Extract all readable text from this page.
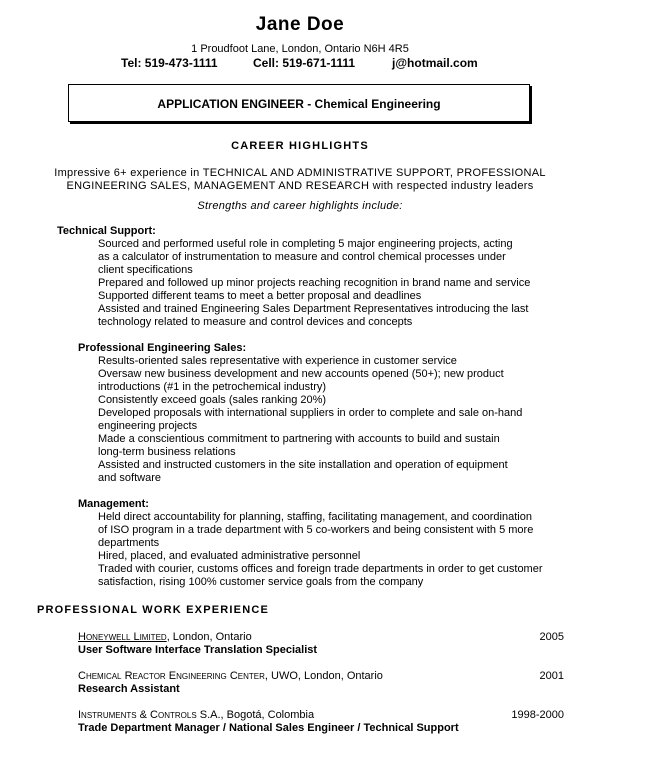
Jane Doe
1 Proudfoot Lane, London, Ontario N6H 4R5
Tel: 519-473-1111	Cell: 519-671-1111	j@hotmail.com
APPLICATION ENGINEER - Chemical Engineering
CAREER HIGHLIGHTS
Impressive 6+ experience in TECHNICAL AND ADMINISTRATIVE SUPPORT, PROFESSIONAL
ENGINEERING SALES, MANAGEMENT AND RESEARCH with respected industry leaders
Strengths and career highlights include:
Technical Support:
Sourced and performed useful role in completing 5 major engineering projects, acting
as a calculator of instrumentation to measure and control chemical processes under
client specifications
Prepared and followed up minor projects reaching recognition in brand name and service
Supported different teams to meet a better proposal and deadlines
Assisted and trained Engineering Sales Department Representatives introducing the last
technology related to measure and control devices and concepts
Professional Engineering Sales:
Results-oriented sales representative with experience in customer service
Oversaw new business development and new accounts opened (50+); new product
introductions (#1 in the petrochemical industry)
Consistently exceed goals (sales ranking 20%)
Developed proposals with international suppliers in order to complete and sale on-hand
engineering projects
Made a conscientious commitment to partnering with accounts to build and sustain
long-term business relations
Assisted and instructed customers in the site installation and operation of equipment
and software
Management:
Held direct accountability for planning, staffing, facilitating management, and coordination
of ISO program in a trade department with 5 co-workers and being consistent with 5 more
departments
Hired, placed, and evaluated administrative personnel
Traded with courier, customs offices and foreign trade departments in order to get customer
satisfaction, rising 100% customer service goals from the company
PROFESSIONAL WORK EXPERIENCE
Honeywell Limited, London, Ontario	2005
User Software Interface Translation Specialist
Chemical Reactor Engineering Center, UWO, London, Ontario	2001
Research Assistant
Instruments & Controls S.A., Bogotá, Colombia	1998-2000
Trade Department Manager / National Sales Engineer / Technical Support
